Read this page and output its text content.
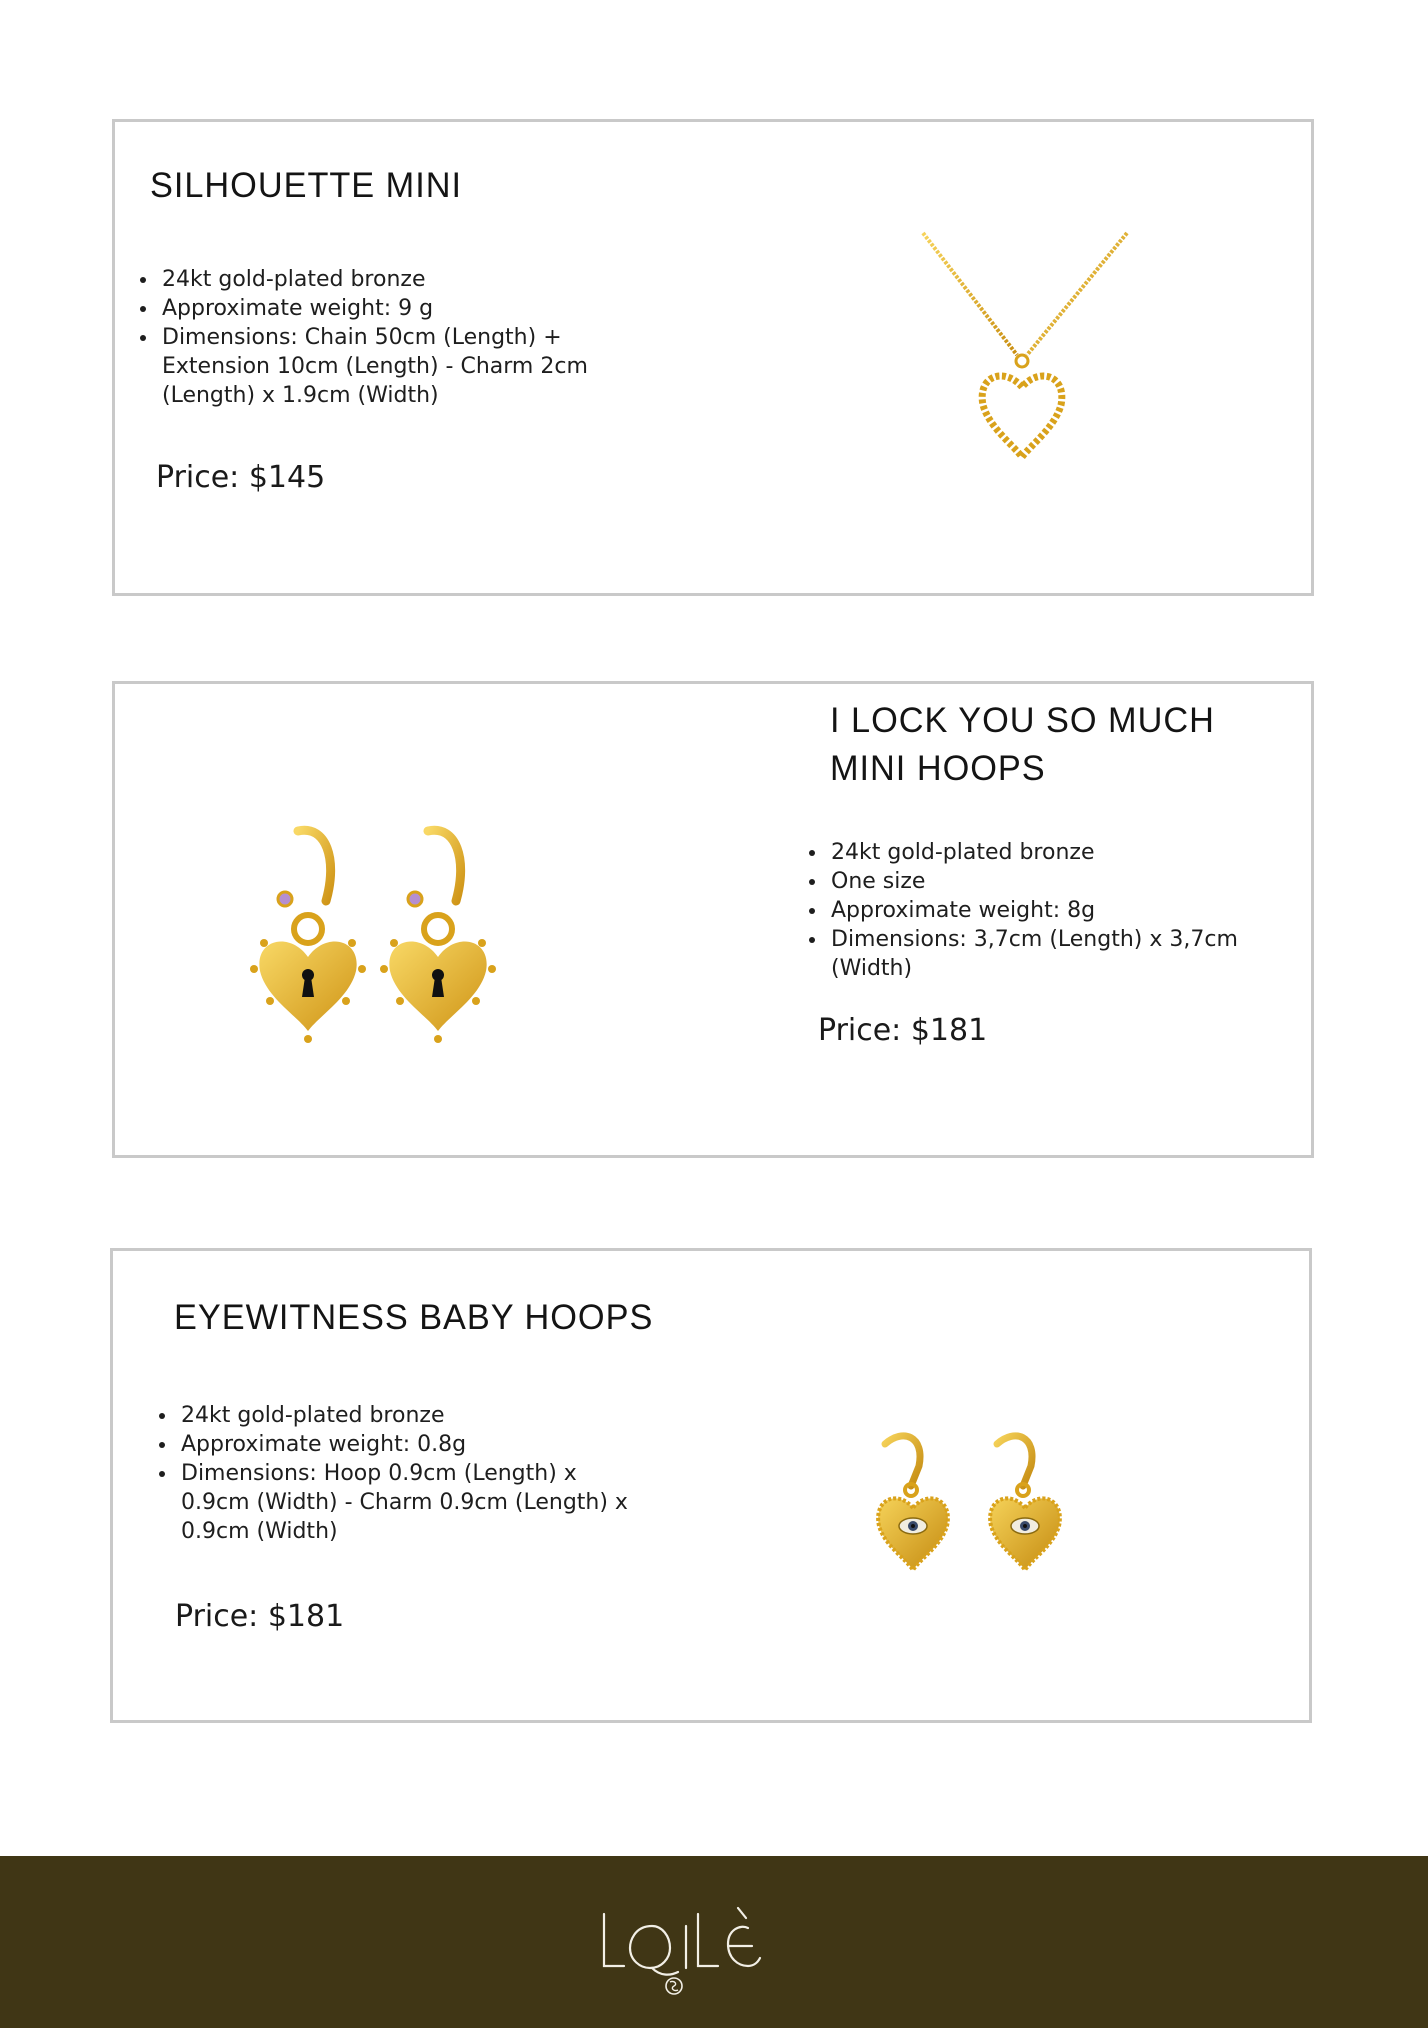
SILHOUETTE MINI
• 24kt gold-plated bronze
• Approximate weight: 9 g
• Dimensions: Chain 50cm (Length) + Extension 10cm (Length) - Charm 2cm (Length) x 1.9cm (Width)
Price: $145
I LOCK YOU SO MUCH MINI HOOPS
• 24kt gold-plated bronze
• One size
• Approximate weight: 8g
• Dimensions: 3,7cm (Length) x 3,7cm (Width)
Price: $181
EYEWITNESS BABY HOOPS
• 24kt gold-plated bronze
• Approximate weight: 0.8g
• Dimensions: Hoop 0.9cm (Length) x 0.9cm (Width) - Charm 0.9cm (Length) x 0.9cm (Width)
Price: $181
